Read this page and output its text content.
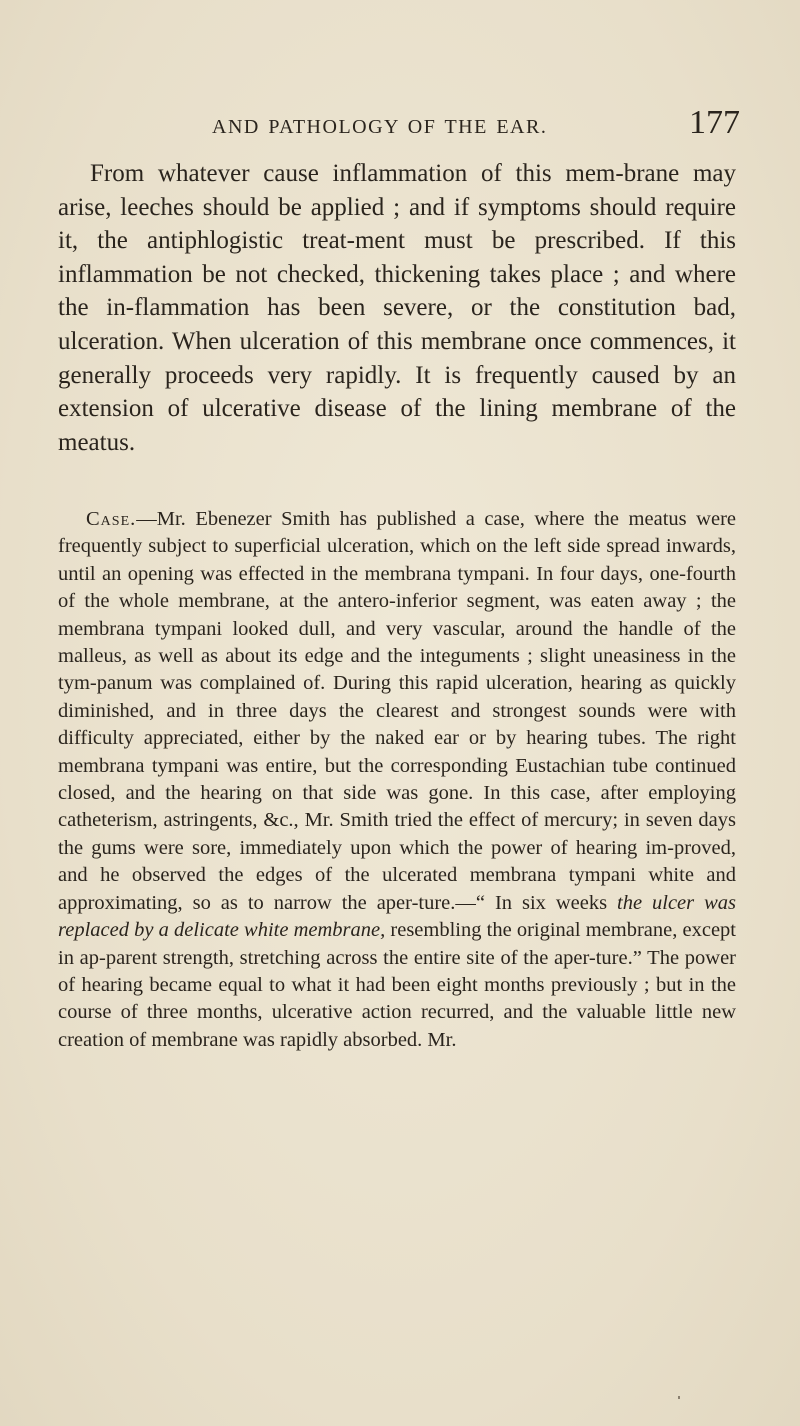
AND PATHOLOGY OF THE EAR.	177

From whatever cause inflammation of this mem-brane may arise, leeches should be applied ; and if symptoms should require it, the antiphlogistic treat-ment must be prescribed. If this inflammation be not checked, thickening takes place ; and where the in-flammation has been severe, or the constitution bad, ulceration. When ulceration of this membrane once commences, it generally proceeds very rapidly. It is frequently caused by an extension of ulcerative disease of the lining membrane of the meatus.

Case.—Mr. Ebenezer Smith has published a case, where the meatus were frequently subject to superficial ulceration, which on the left side spread inwards, until an opening was effected in the membrana tympani. In four days, one-fourth of the whole membrane, at the antero-inferior segment, was eaten away ; the membrana tympani looked dull, and very vascular, around the handle of the malleus, as well as about its edge and the integuments ; slight uneasiness in the tym-panum was complained of. During this rapid ulceration, hearing as quickly diminished, and in three days the clearest and strongest sounds were with difficulty appreciated, either by the naked ear or by hearing tubes. The right membrana tympani was entire, but the corresponding Eustachian tube continued closed, and the hearing on that side was gone. In this case, after employing catheterism, astringents, &c., Mr. Smith tried the effect of mercury; in seven days the gums were sore, immediately upon which the power of hearing im-proved, and he observed the edges of the ulcerated membrana tympani white and approximating, so as to narrow the aper-ture.—“ In six weeks the ulcer was replaced by a delicate white membrane, resembling the original membrane, except in ap-parent strength, stretching across the entire site of the aper-ture.” The power of hearing became equal to what it had been eight months previously ; but in the course of three months, ulcerative action recurred, and the valuable little new creation of membrane was rapidly absorbed. Mr.
